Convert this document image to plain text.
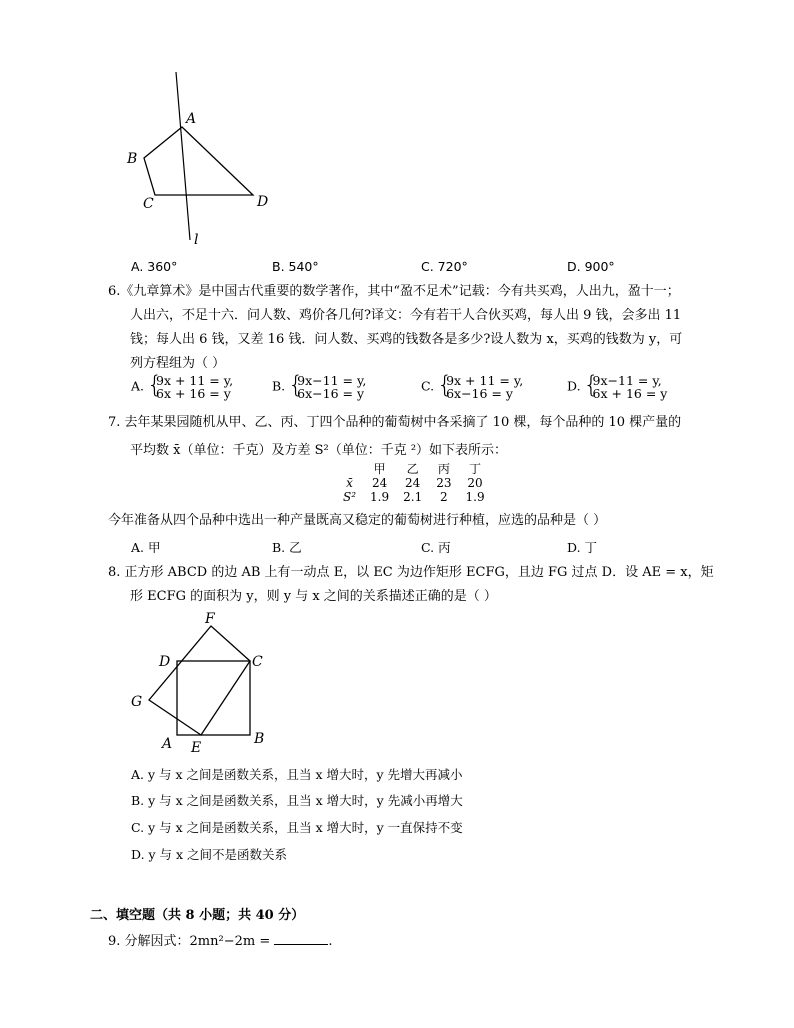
A
B
C	D
l
A. 360°	B. 540°	C. 720°	D. 900°
6.《九章算术》是中国古代重要的数学著作，其中“盈不足术”记载：今有共买鸡，人出九，盈十一；
人出六，不足十六．问人数、鸡价各几何?译文：今有若干人合伙买鸡，每人出 9 钱，会多出 11
钱；每人出 6 钱，又差 16 钱．问人数、买鸡的钱数各是多少?设人数为 x，买鸡的钱数为 y，可
列方程组为（ ）
A. { 9x + 11 = y,
6x + 16 = y	B. { 9x−11 = y,
6x−16 = y	C. { 9x + 11 = y,
6x−16 = y	D. { 9x−11 = y,
6x + 16 = y
7. 去年某果园随机从甲、乙、丙、丁四个品种的葡萄树中各采摘了 10 棵，每个品种的 10 棵产量的
平均数 x̄（单位：千克）及方差 S²（单位：千克 ²）如下表所示：
	甲	乙	丙	丁
x̄	24	24	23	20
S²	1.9	2.1	2	1.9
今年准备从四个品种中选出一种产量既高又稳定的葡萄树进行种植，应选的品种是（ ）
A. 甲	B. 乙	C. 丙	D. 丁
8. 正方形 ABCD 的边 AB 上有一动点 E，以 EC 为边作矩形 ECFG，且边 FG 过点 D．设 AE = x，矩
形 ECFG 的面积为 y，则 y 与 x 之间的关系描述正确的是（ ）
F
D	C
G
A E
B
A. y 与 x 之间是函数关系，且当 x 增大时，y 先增大再减小
B. y 与 x 之间是函数关系，且当 x 增大时，y 先减小再增大
C. y 与 x 之间是函数关系，且当 x 增大时，y 一直保持不变
D. y 与 x 之间不是函数关系
二、填空题（共 8 小题；共 40 分）
9. 分解因式：2mn²−2m =	.
